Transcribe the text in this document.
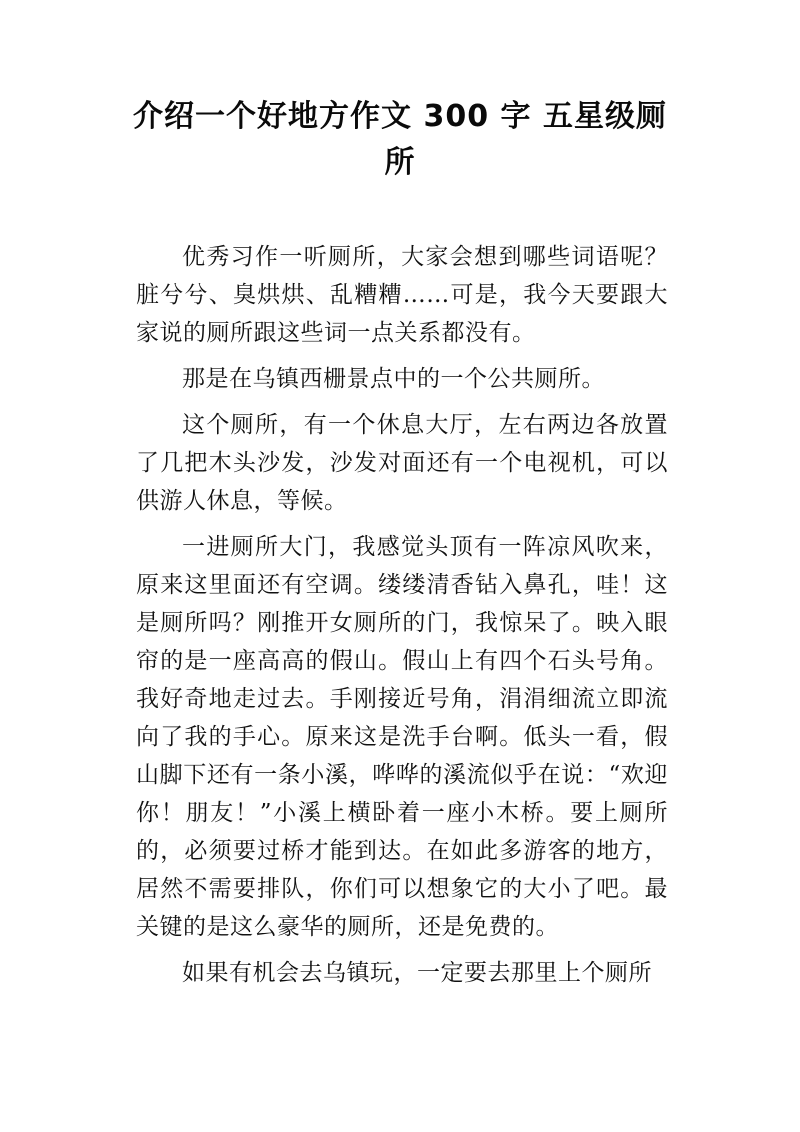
介绍一个好地方作文 300 字 五星级厕所

优秀习作一听厕所，大家会想到哪些词语呢？脏兮兮、臭烘烘、乱糟糟……可是，我今天要跟大家说的厕所跟这些词一点关系都没有。

那是在乌镇西栅景点中的一个公共厕所。

这个厕所，有一个休息大厅，左右两边各放置了几把木头沙发，沙发对面还有一个电视机，可以供游人休息，等候。

一进厕所大门，我感觉头顶有一阵凉风吹来，原来这里面还有空调。缕缕清香钻入鼻孔，哇！这是厕所吗？刚推开女厕所的门，我惊呆了。映入眼帘的是一座高高的假山。假山上有四个石头号角。我好奇地走过去。手刚接近号角，涓涓细流立即流向了我的手心。原来这是洗手台啊。低头一看，假山脚下还有一条小溪，哗哗的溪流似乎在说：“欢迎你！朋友！”小溪上横卧着一座小木桥。要上厕所的，必须要过桥才能到达。在如此多游客的地方，居然不需要排队，你们可以想象它的大小了吧。最关键的是这么豪华的厕所，还是免费的。

如果有机会去乌镇玩，一定要去那里上个厕所
